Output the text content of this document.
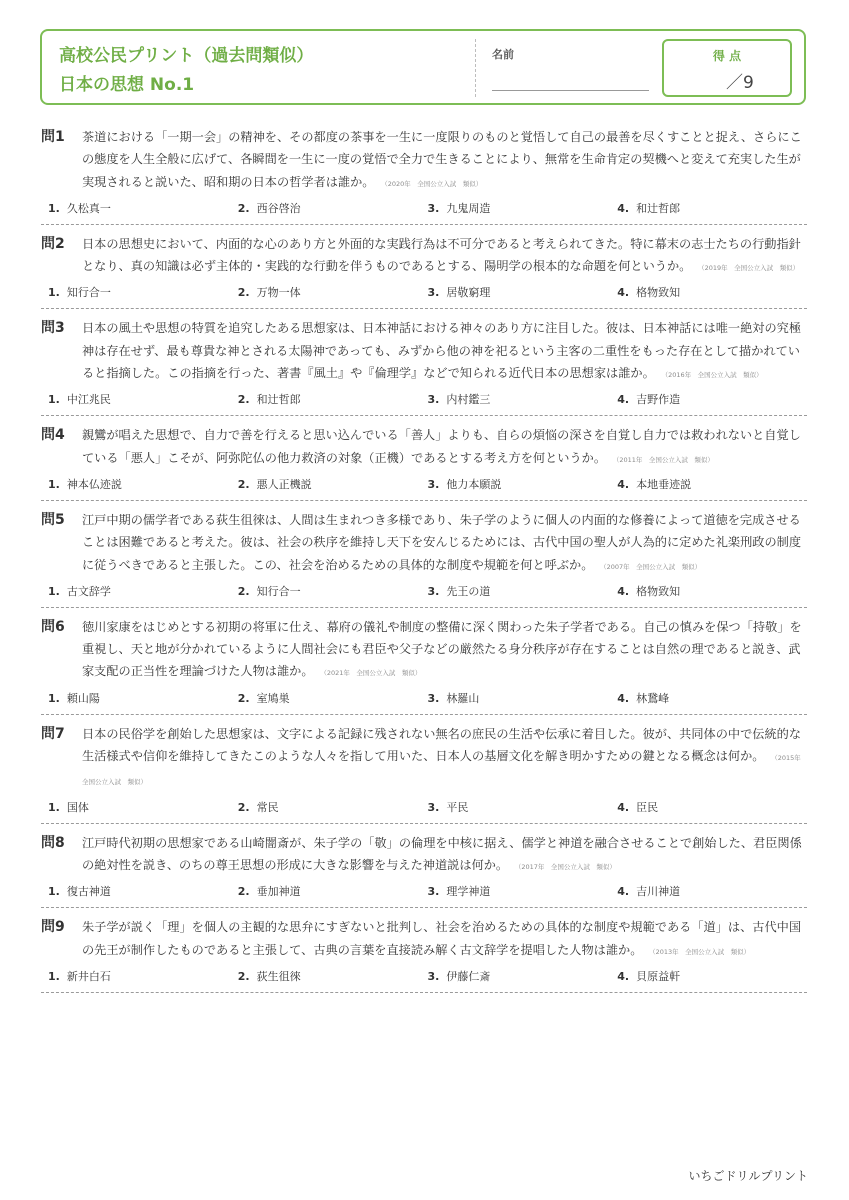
高校公民プリント（過去問類似）
日本の思想 No.1
名前	得 点
／9
問1 茶道における「一期一会」の精神を、その都度の茶事を一生に一度限りのものと覚悟して自己の最善を尽くすことと捉え、さらにこの態度を人生全般に広げて、各瞬間を一生に一度の覚悟で全力で生きることにより、無常を生命肯定の契機へと変えて充実した生が実現されると説いた、昭和期の日本の哲学者は誰か。 （2020年　全国公立入試　類似）
1. 久松真一	2. 西谷啓治	3. 九鬼周造	4. 和辻哲郎
問2 日本の思想史において、内面的な心のあり方と外面的な実践行為は不可分であると考えられてきた。特に幕末の志士たちの行動指針となり、真の知識は必ず主体的・実践的な行動を伴うものであるとする、陽明学の根本的な命題を何というか。 （2019年　全国公立入試　類似）
1. 知行合一	2. 万物一体	3. 居敬窮理	4. 格物致知
問3 日本の風土や思想の特質を追究したある思想家は、日本神話における神々のあり方に注目した。彼は、日本神話には唯一絶対の究極神は存在せず、最も尊貴な神とされる太陽神であっても、みずから他の神を祀るという主客の二重性をもった存在として描かれていると指摘した。この指摘を行った、著書『風土』や『倫理学』などで知られる近代日本の思想家は誰か。 （2016年　全国公立入試　類似）
1. 中江兆民	2. 和辻哲郎	3. 内村鑑三	4. 吉野作造
問4 親鸞が唱えた思想で、自力で善を行えると思い込んでいる「善人」よりも、自らの煩悩の深さを自覚し自力では救われないと自覚している「悪人」こそが、阿弥陀仏の他力救済の対象（正機）であるとする考え方を何というか。 （2011年　全国公立入試　類似）
1. 神本仏迹説	2. 悪人正機説	3. 他力本願説	4. 本地垂迹説
問5 江戸中期の儒学者である荻生徂徠は、人間は生まれつき多様であり、朱子学のように個人の内面的な修養によって道徳を完成させることは困難であると考えた。彼は、社会の秩序を維持し天下を安んじるためには、古代中国の聖人が人為的に定めた礼楽刑政の制度に従うべきであると主張した。この、社会を治めるための具体的な制度や規範を何と呼ぶか。 （2007年　全国公立入試　類似）
1. 古文辞学	2. 知行合一	3. 先王の道	4. 格物致知
問6 徳川家康をはじめとする初期の将軍に仕え、幕府の儀礼や制度の整備に深く関わった朱子学者である。自己の慎みを保つ「持敬」を重視し、天と地が分かれているように人間社会にも君臣や父子などの厳然たる身分秩序が存在することは自然の理であると説き、武家支配の正当性を理論づけた人物は誰か。 （2021年　全国公立入試　類似）
1. 頼山陽	2. 室鳩巣	3. 林羅山	4. 林鵞峰
問7 日本の民俗学を創始した思想家は、文字による記録に残されない無名の庶民の生活や伝承に着目した。彼が、共同体の中で伝統的な生活様式や信仰を維持してきたこのような人々を指して用いた、日本人の基層文化を解き明かすための鍵となる概念は何か。 （2015年　全国公立入試　類似）
1. 国体	2. 常民	3. 平民	4. 臣民
問8 江戸時代初期の思想家である山崎闇斎が、朱子学の「敬」の倫理を中核に据え、儒学と神道を融合させることで創始した、君臣関係の絶対性を説き、のちの尊王思想の形成に大きな影響を与えた神道説は何か。 （2017年　全国公立入試　類似）
1. 復古神道	2. 垂加神道	3. 理学神道	4. 吉川神道
問9 朱子学が説く「理」を個人の主観的な思弁にすぎないと批判し、社会を治めるための具体的な制度や規範である「道」は、古代中国の先王が制作したものであると主張して、古典の言葉を直接読み解く古文辞学を提唱した人物は誰か。 （2013年　全国公立入試　類似）
1. 新井白石	2. 荻生徂徠	3. 伊藤仁斎	4. 貝原益軒
いちごドリルプリント
